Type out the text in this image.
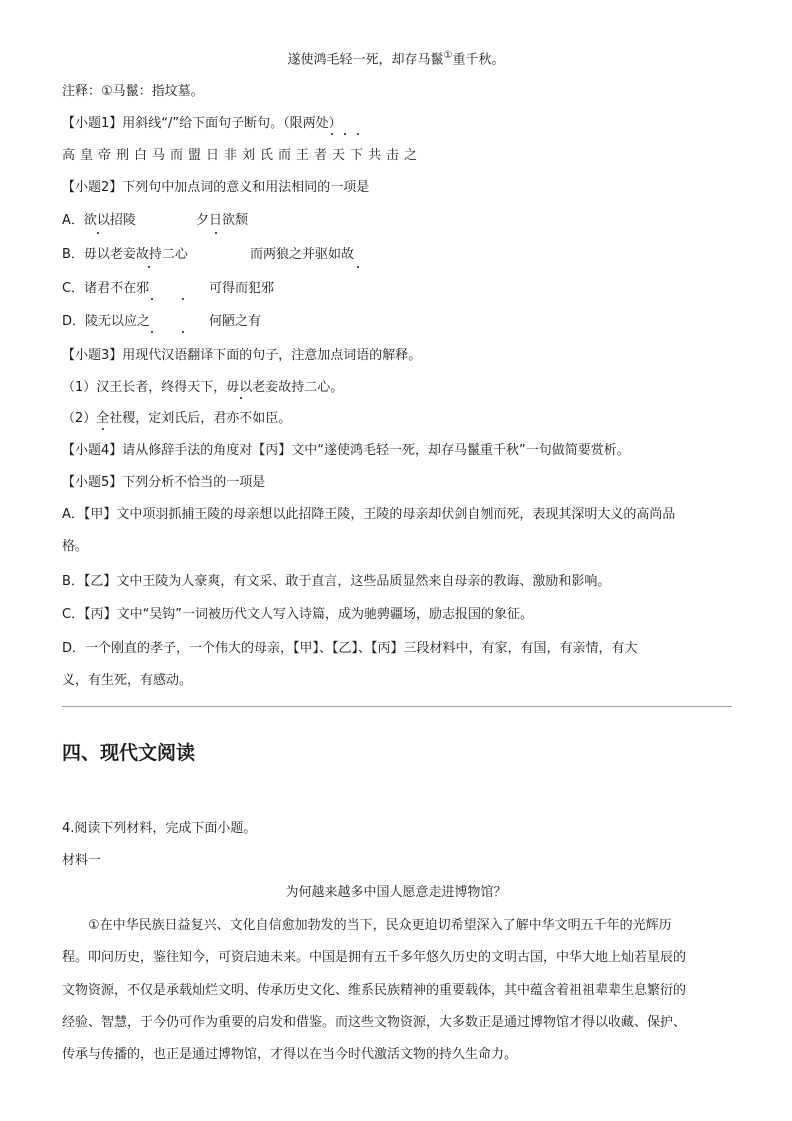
遂使鸿毛轻一死，却存马鬣①重千秋。
注释：①马鬣：指坟墓。
【小题1】用斜线“/”给下面句子断句。（限两处）
高皇帝刑白马而盟日非刘氏而王者天下共击之
【小题2】下列句中加点词的意义和用法相同的一项是
A．欲以招陵	夕日欲颓
B．毋以老妾故持二心	而两狼之并驱如故
C．诸君不在邪	可得而犯邪
D．陵无以应之	何陋之有
【小题3】用现代汉语翻译下面的句子，注意加点词语的解释。
（1）汉王长者，终得天下，毋以老妾故持二心。
（2）全社稷，定刘氏后，君亦不如臣。
【小题4】请从修辞手法的角度对【丙】文中“遂使鸿毛轻一死，却存马鬣重千秋”一句做简要赏析。
【小题5】下列分析不恰当的一项是
A．【甲】文中项羽抓捕王陵的母亲想以此招降王陵，王陵的母亲却伏剑自刎而死，表现其深明大义的高尚品
格。
B．【乙】文中王陵为人豪爽，有文采、敢于直言，这些品质显然来自母亲的教诲、激励和影响。
C．【丙】文中“吴钩”一词被历代文人写入诗篇，成为驰骋疆场，励志报国的象征。
D．一个刚直的孝子，一个伟大的母亲，【甲】、【乙】、【丙】三段材料中，有家，有国，有亲情，有大
义，有生死，有感动。
四、现代文阅读
4.阅读下列材料，完成下面小题。
材料一
为何越来越多中国人愿意走进博物馆？
①在中华民族日益复兴、文化自信愈加勃发的当下，民众更迫切希望深入了解中华文明五千年的光辉历
程。叩问历史，鉴往知今，可资启迪未来。中国是拥有五千多年悠久历史的文明古国，中华大地上灿若星辰的
文物资源，不仅是承载灿烂文明、传承历史文化、维系民族精神的重要载体，其中蕴含着祖祖辈辈生息繁衍的
经验、智慧，于今仍可作为重要的启发和借鉴。而这些文物资源，大多数正是通过博物馆才得以收藏、保护、
传承与传播的，也正是通过博物馆，才得以在当今时代激活文物的持久生命力。
